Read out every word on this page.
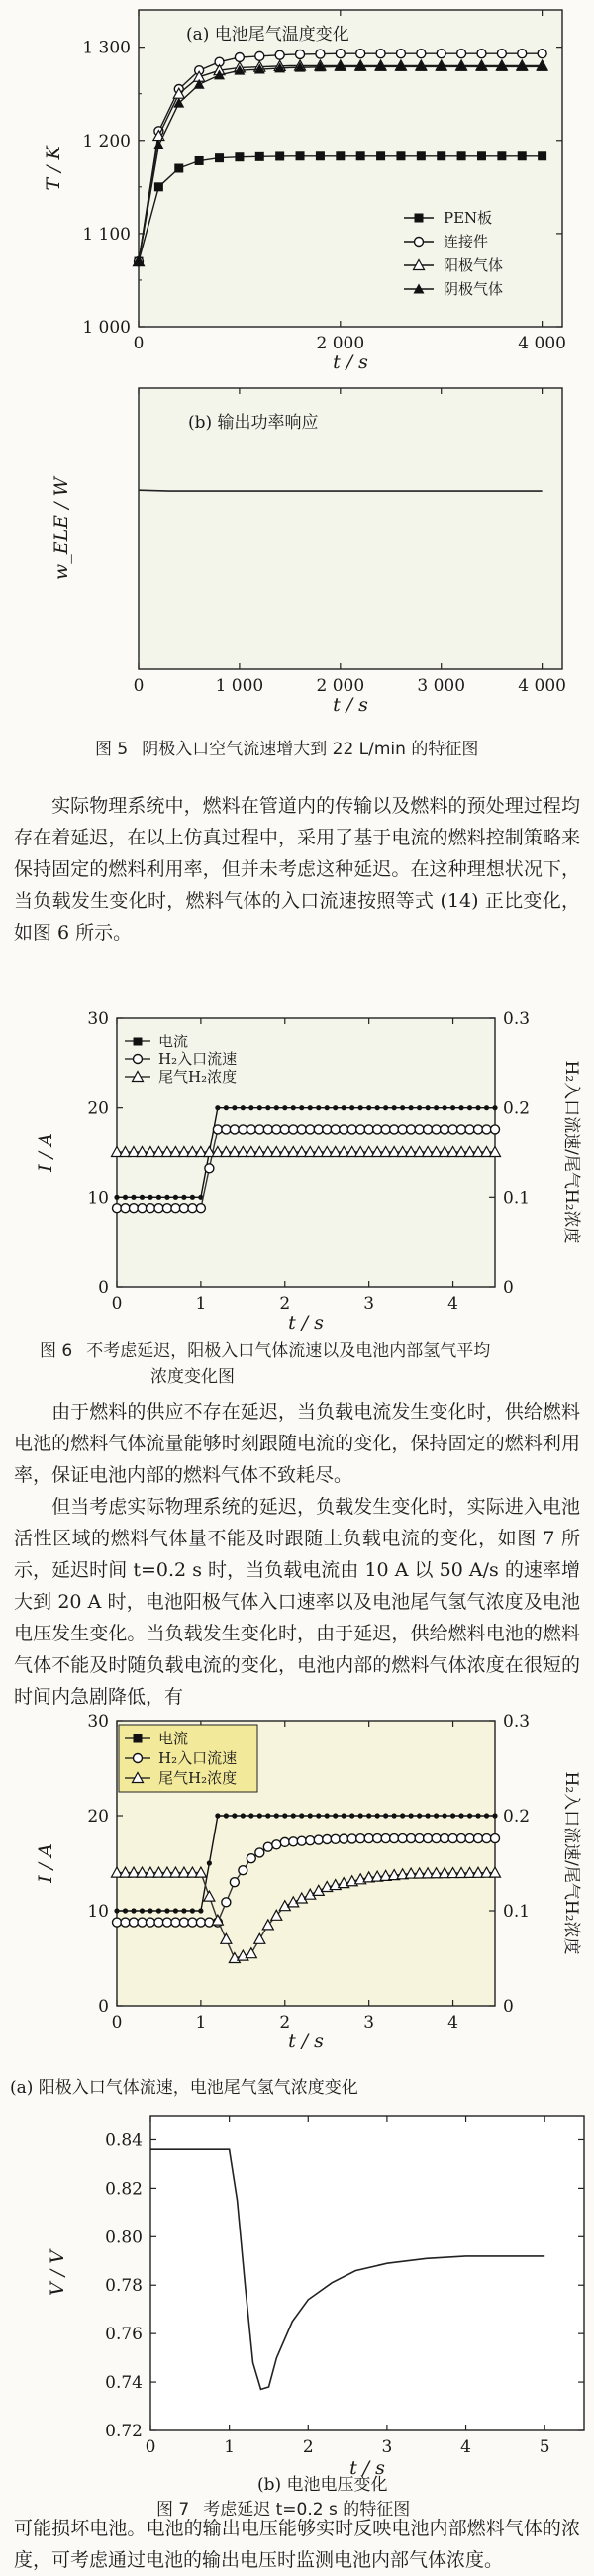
(a) 电池尾气温度变化
0	2 000	4 000
1 000
1 100
1 200
1 300
t / s
T / K
PEN板
连接件
阳极气体
阴极气体
(b) 输出功率响应
0	1 000	2 000	3 000	4 000
t / s
w_ELE / W
图 5 阴极入口空气流速增大到 22 L/min 的特征图
实际物理系统中，燃料在管道内的传输以及燃料的预处理过程均存在着延迟，在以上仿真过程中，采用了基于电流的燃料控制策略来保持固定的燃料利用率，但并未考虑这种延迟。在这种理想状况下，当负载发生变化时，燃料气体的入口流速按照等式 (14) 正比变化，如图 6 所示。
0	1	2	3	4
0
10
20
30
0
0.1
0.2
0.3
t / s
I / A	H₂入口流速/尾气H₂浓度
电流
H₂入口流速
尾气H₂浓度
图 6 不考虑延迟，阳极入口气体流速以及电池内部氢气平均
浓度变化图
由于燃料的供应不存在延迟，当负载电流发生变化时，供给燃料电池的燃料气体流量能够时刻跟随电流的变化，保持固定的燃料利用率，保证电池内部的燃料气体不致耗尽。
但当考虑实际物理系统的延迟，负载发生变化时，实际进入电池活性区域的燃料气体量不能及时跟随上负载电流的变化，如图 7 所示，延迟时间 t=0.2 s 时，当负载电流由 10 A 以 50 A/s 的速率增大到 20 A 时，电池阳极气体入口速率以及电池尾气氢气浓度及电池电压发生变化。当负载发生变化时，由于延迟，供给燃料电池的燃料气体不能及时随负载电流的变化，电池内部的燃料气体浓度在很短的时间内急剧降低，有
0	1	2	3	4
0
10
20
30
0
0.1
0.2
0.3
t / s
I / A	H₂入口流速/尾气H₂浓度
电流
H₂入口流速
尾气H₂浓度
(a) 阳极入口气体流速，电池尾气氢气浓度变化
0	1	2	3	4	5
0.72
0.74
0.76
0.78
0.80
0.82
0.84
t / s
V / V
(b) 电池电压变化
图 7 考虑延迟 t=0.2 s 的特征图
可能损坏电池。电池的输出电压能够实时反映电池内部燃料气体的浓度，可考虑通过电池的输出电压时监测电池内部气体浓度。
